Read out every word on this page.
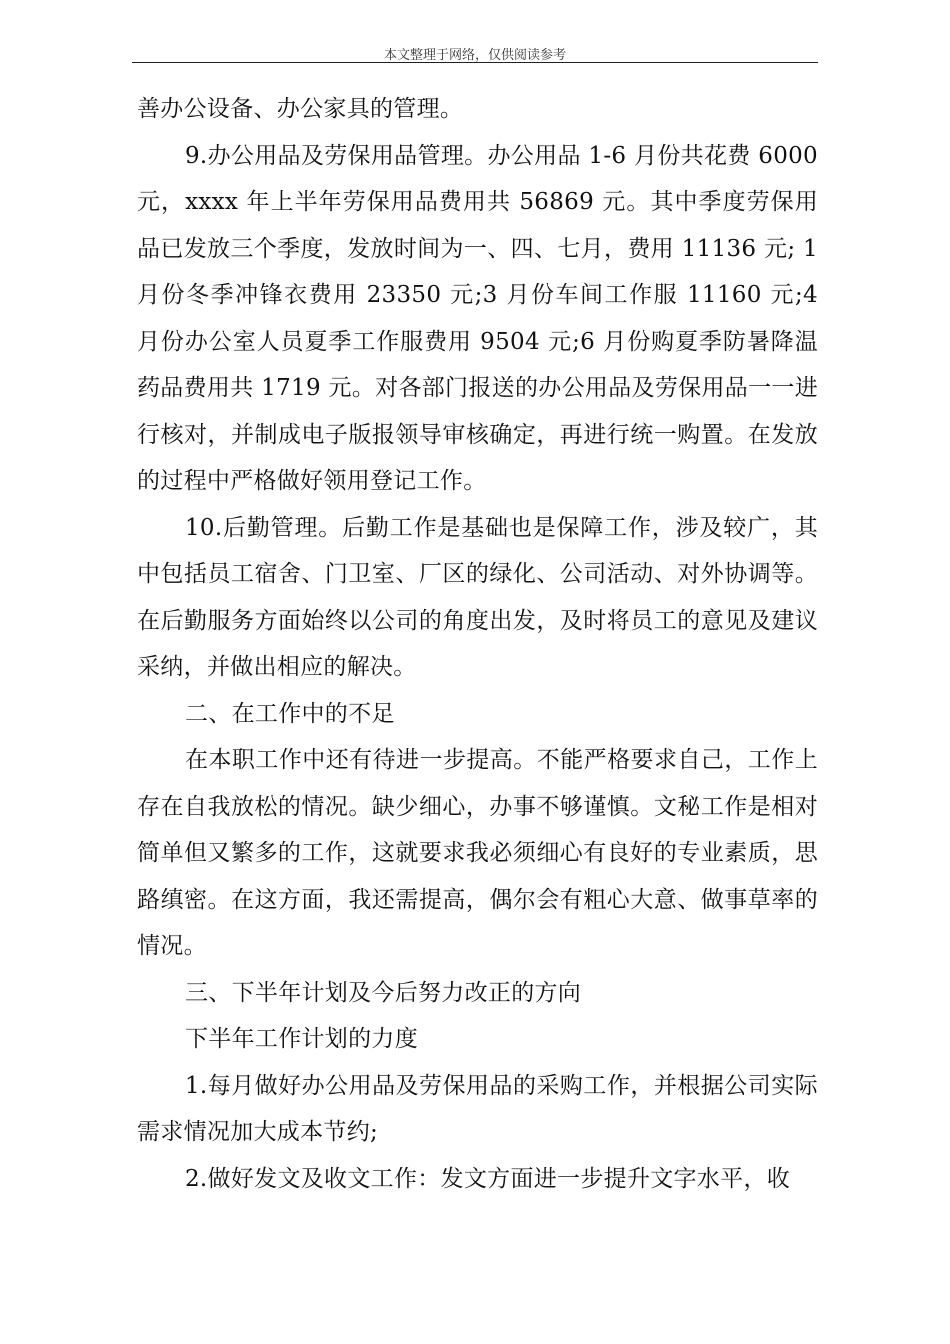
本文整理于网络，仅供阅读参考

善办公设备、办公家具的管理。

9.办公用品及劳保用品管理。办公用品 1-6 月份共花费 6000 元，xxxx 年上半年劳保用品费用共 56869 元。其中季度劳保用品已发放三个季度，发放时间为一、四、七月，费用 11136 元; 1 月份冬季冲锋衣费用 23350 元;3 月份车间工作服 11160 元;4 月份办公室人员夏季工作服费用 9504 元;6 月份购夏季防暑降温药品费用共 1719 元。对各部门报送的办公用品及劳保用品一一进行核对，并制成电子版报领导审核确定，再进行统一购置。在发放的过程中严格做好领用登记工作。

10.后勤管理。后勤工作是基础也是保障工作，涉及较广，其中包括员工宿舍、门卫室、厂区的绿化、公司活动、对外协调等。在后勤服务方面始终以公司的角度出发，及时将员工的意见及建议采纳，并做出相应的解决。

二、在工作中的不足

在本职工作中还有待进一步提高。不能严格要求自己，工作上存在自我放松的情况。缺少细心，办事不够谨慎。文秘工作是相对简单但又繁多的工作，这就要求我必须细心有良好的专业素质，思路缜密。在这方面，我还需提高，偶尔会有粗心大意、做事草率的情况。

三、下半年计划及今后努力改正的方向

下半年工作计划的力度

1.每月做好办公用品及劳保用品的采购工作，并根据公司实际需求情况加大成本节约;

2.做好发文及收文工作：发文方面进一步提升文字水平，收
